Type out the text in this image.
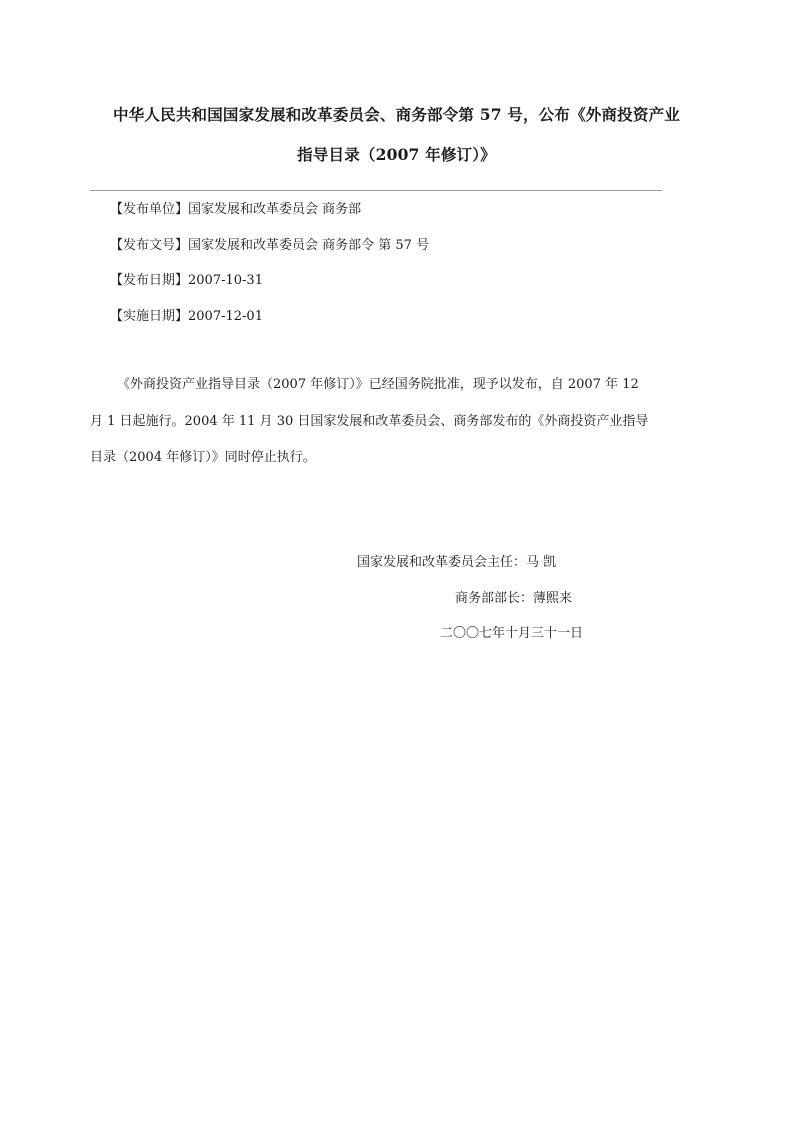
中华人民共和国国家发展和改革委员会、商务部令第 57 号，公布《外商投资产业
指导目录（2007 年修订）》
【发布单位】国家发展和改革委员会 商务部
【发布文号】国家发展和改革委员会 商务部令 第 57 号
【发布日期】2007-10-31
【实施日期】2007-12-01
《外商投资产业指导目录（2007 年修订）》已经国务院批准，现予以发布，自 2007 年 12
月 1 日起施行。2004 年 11 月 30 日国家发展和改革委员会、商务部发布的《外商投资产业指导
目录（2004 年修订）》同时停止执行。
国家发展和改革委员会主任：马 凯
商务部部长：薄熙来
二〇〇七年十月三十一日
